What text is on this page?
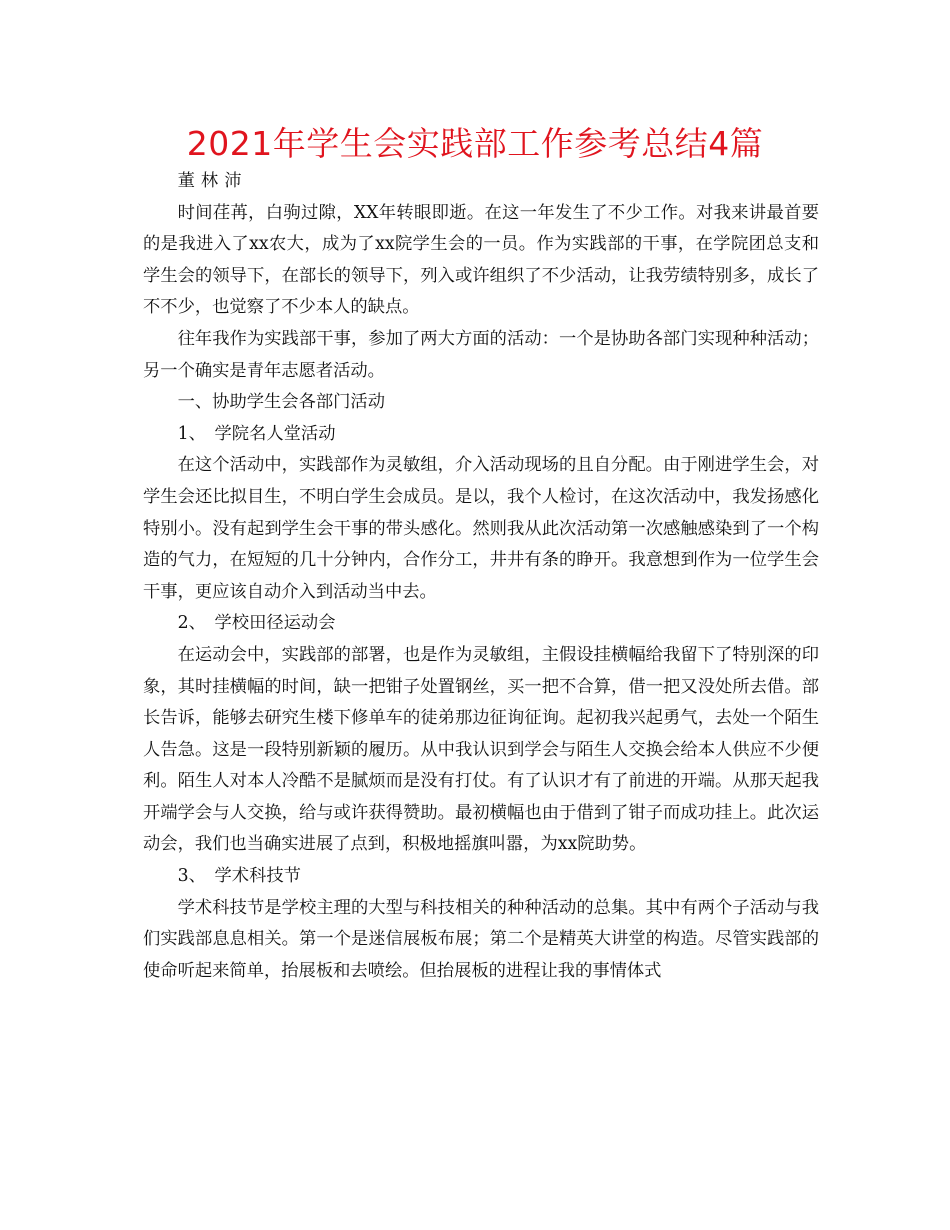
2021年学生会实践部工作参考总结4篇

董林沛

时间荏苒，白驹过隙，XX年转眼即逝。在这一年发生了不少工作。对我来讲最首要的是我进入了xx农大，成为了xx院学生会的一员。作为实践部的干事，在学院团总支和学生会的领导下，在部长的领导下，列入或许组织了不少活动，让我劳绩特别多，成长了不不少，也觉察了不少本人的缺点。

往年我作为实践部干事，参加了两大方面的活动：一个是协助各部门实现种种活动；另一个确实是青年志愿者活动。

一、协助学生会各部门活动

1、　学院名人堂活动

在这个活动中，实践部作为灵敏组，介入活动现场的且自分配。由于刚进学生会，对学生会还比拟目生，不明白学生会成员。是以，我个人检讨，在这次活动中，我发扬感化特别小。没有起到学生会干事的带头感化。然则我从此次活动第一次感触感染到了一个构造的气力，在短短的几十分钟内，合作分工，井井有条的睁开。我意想到作为一位学生会干事，更应该自动介入到活动当中去。

2、　学校田径运动会

在运动会中，实践部的部署，也是作为灵敏组，主假设挂横幅给我留下了特别深的印象，其时挂横幅的时间，缺一把钳子处置钢丝，买一把不合算，借一把又没处所去借。部长告诉，能够去研究生楼下修单车的徒弟那边征询征询。起初我兴起勇气，去处一个陌生人告急。这是一段特别新颖的履历。从中我认识到学会与陌生人交换会给本人供应不少便利。陌生人对本人冷酷不是腻烦而是没有打仗。有了认识才有了前进的开端。从那天起我开端学会与人交换，给与或许获得赞助。最初横幅也由于借到了钳子而成功挂上。此次运动会，我们也当确实进展了点到，积极地摇旗叫嚣，为xx院助势。

3、　学术科技节

学术科技节是学校主理的大型与科技相关的种种活动的总集。其中有两个子活动与我们实践部息息相关。第一个是迷信展板布展；第二个是精英大讲堂的构造。尽管实践部的使命听起来简单，抬展板和去喷绘。但抬展板的进程让我的事情体式
